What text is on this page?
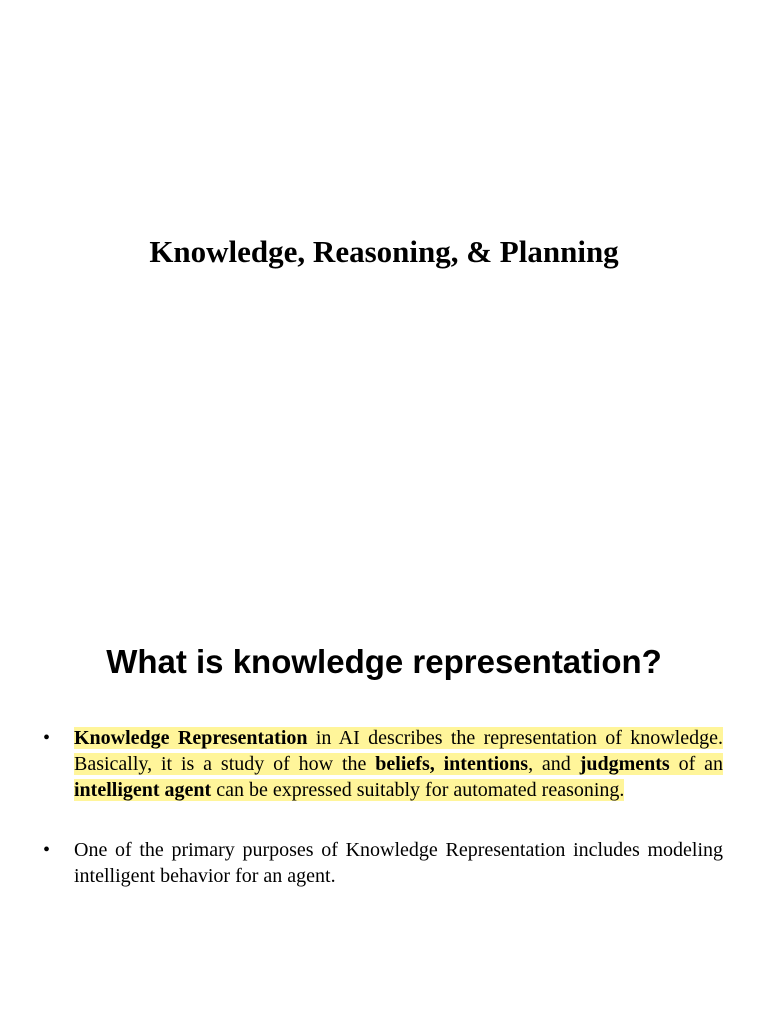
Knowledge, Reasoning, & Planning
What is knowledge representation?
• Knowledge Representation in AI describes the representation of knowledge. Basically, it is a study of how the beliefs, intentions, and judgments of an intelligent agent can be expressed suitably for automated reasoning.
• One of the primary purposes of Knowledge Representation includes modeling intelligent behavior for an agent.
